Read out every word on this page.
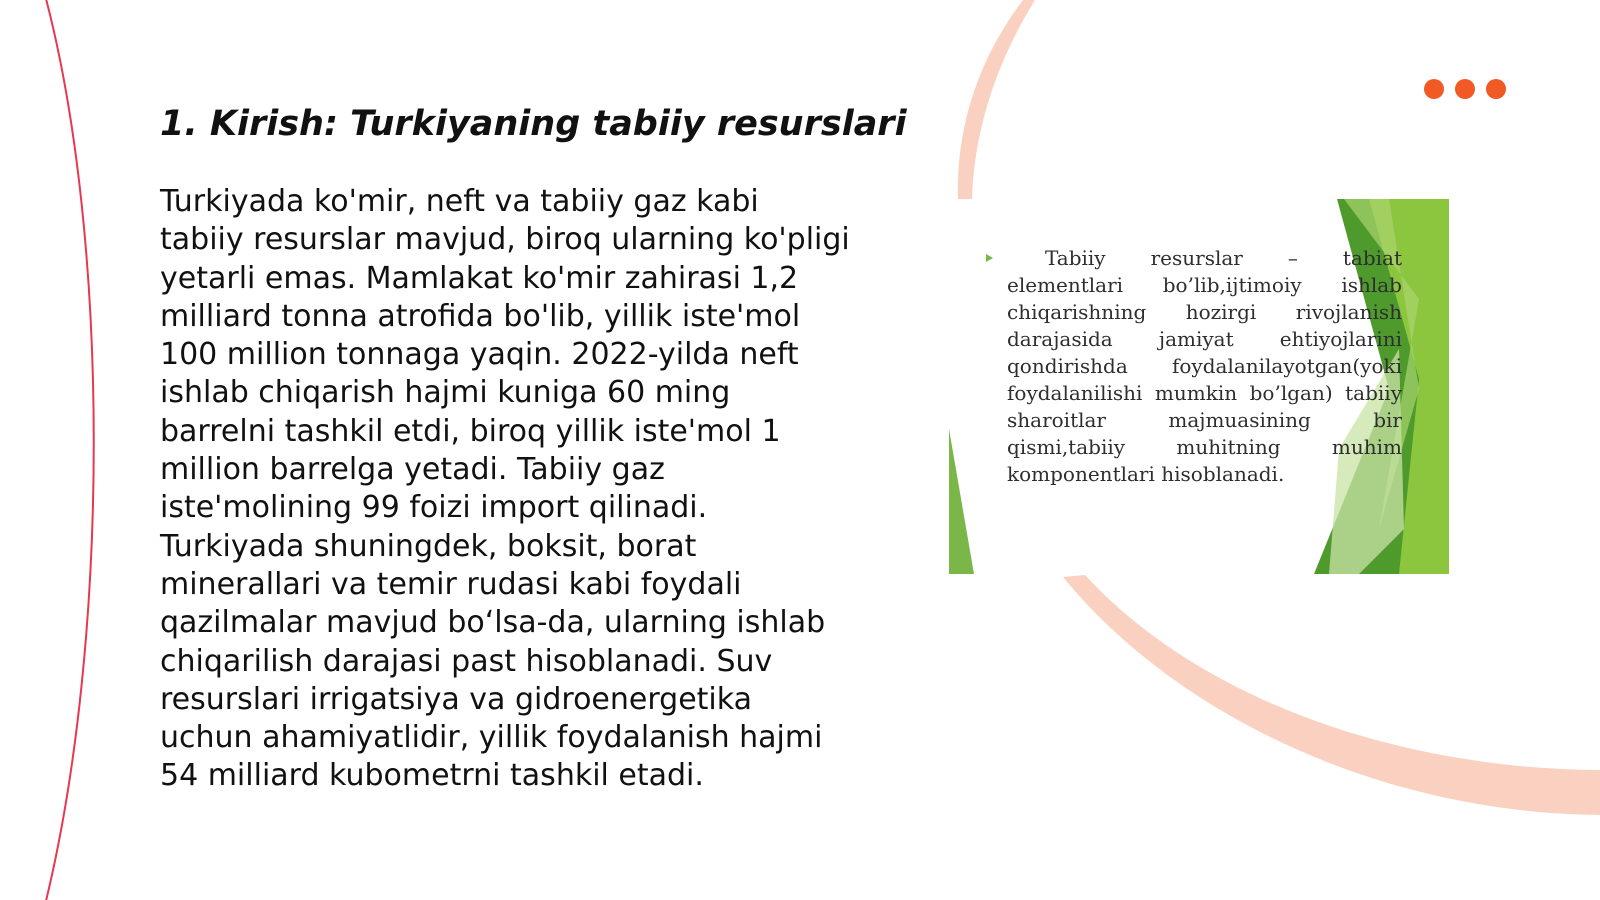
1. Kirish: Turkiyaning tabiiy resurslari

Turkiyada ko'mir, neft va tabiiy gaz kabi tabiiy resurslar mavjud, biroq ularning ko'pligi yetarli emas. Mamlakat ko'mir zahirasi 1,2 milliard tonna atrofida bo'lib, yillik iste'mol 100 million tonnaga yaqin. 2022-yilda neft ishlab chiqarish hajmi kuniga 60 ming barrelni tashkil etdi, biroq yillik iste'mol 1 million barrelga yetadi. Tabiiy gaz iste'molining 99 foizi import qilinadi. Turkiyada shuningdek, boksit, borat minerallari va temir rudasi kabi foydali qazilmalar mavjud bo‘lsa-da, ularning ishlab chiqarilish darajasi past hisoblanadi. Suv resurslari irrigatsiya va gidroenergetika uchun ahamiyatlidir, yillik foydalanish hajmi 54 milliard kubometrni tashkil etadi.

Tabiiy resurslar – tabiat elementlari bo’lib,ijtimoiy ishlab chiqarishning hozirgi rivojlanish darajasida jamiyat ehtiyojlarini qondirishda foydalanilayotgan(yoki foydalanilishi mumkin bo’lgan) tabiiy sharoitlar majmuasining bir qismi,tabiiy muhitning muhim komponentlari hisoblanadi.
